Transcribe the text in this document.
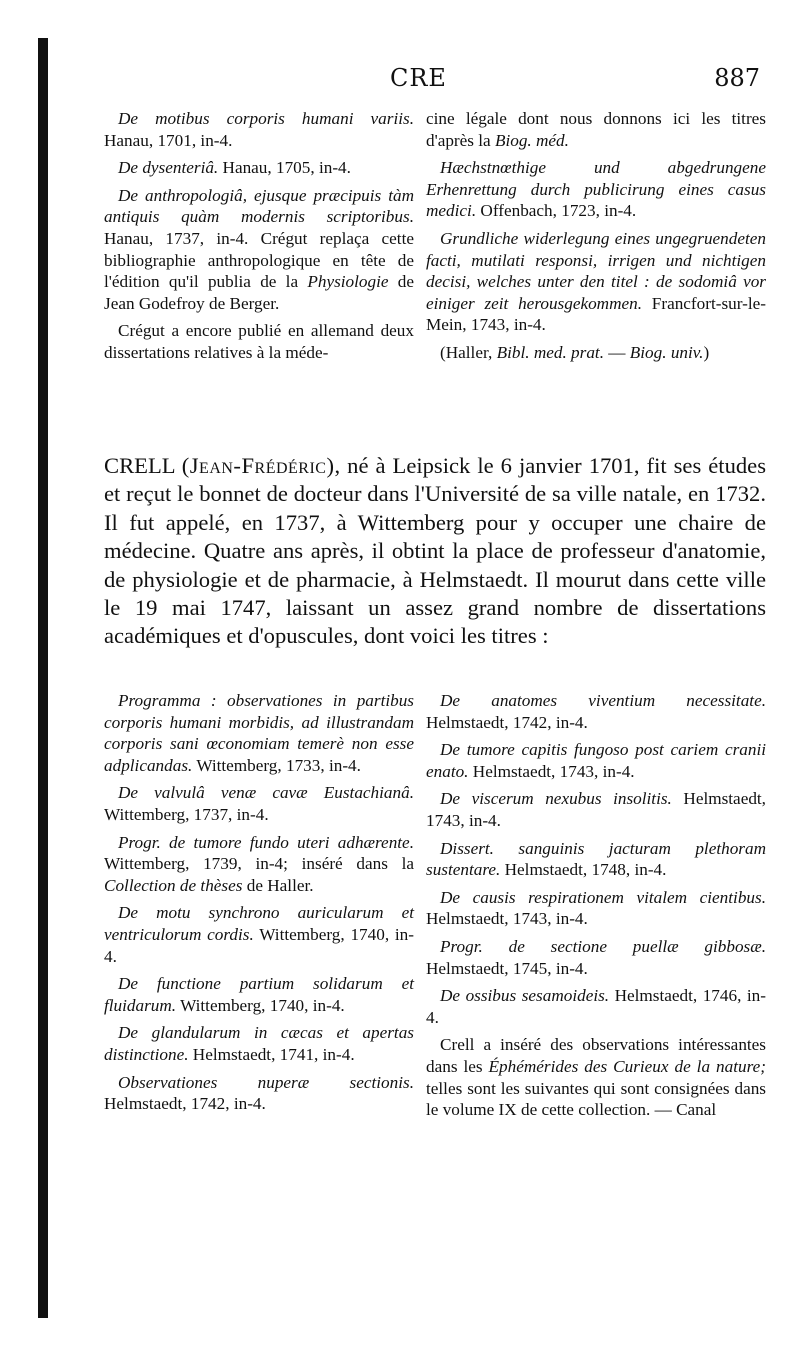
CRE	887

De motibus corporis humani variis. Hanau, 1701, in-4.

De dysenteriâ. Hanau, 1705, in-4.

De anthropologiâ, ejusque præcipuis tàm antiquis quàm modernis scriptoribus. Hanau, 1737, in-4. Crégut replaça cette bibliographie anthropologique en tête de l'édition qu'il publia de la Physiologie de Jean Godefroy de Berger.

Crégut a encore publié en allemand deux dissertations relatives à la méde-

cine légale dont nous donnons ici les titres d'après la Biog. méd.

Hæchstnœthige und abgedrungene Erhenrettung durch publicirung eines casus medici. Offenbach, 1723, in-4.

Grundliche widerlegung eines ungegruendeten facti, mutilati responsi, irrigen und nichtigen decisi, welches unter den titel : de sodomiâ vor einiger zeit herousgekommen. Francfort-sur-le-Mein, 1743, in-4.

(Haller, Bibl. med. prat. — Biog. univ.)

CRELL (Jean-Frédéric), né à Leipsick le 6 janvier 1701, fit ses études et reçut le bonnet de docteur dans l'Université de sa ville natale, en 1732. Il fut appelé, en 1737, à Wittemberg pour y occuper une chaire de médecine. Quatre ans après, il obtint la place de professeur d'anatomie, de physiologie et de pharmacie, à Helmstaedt. Il mourut dans cette ville le 19 mai 1747, laissant un assez grand nombre de dissertations académiques et d'opuscules, dont voici les titres :

Programma : observationes in partibus corporis humani morbidis, ad illustrandam corporis sani œconomiam temerè non esse adplicandas. Wittemberg, 1733, in-4.

De valvulâ venæ cavæ Eustachianâ. Wittemberg, 1737, in-4.

Progr. de tumore fundo uteri adhærente. Wittemberg, 1739, in-4; inséré dans la Collection de thèses de Haller.

De motu synchrono auricularum et ventriculorum cordis. Wittemberg, 1740, in-4.

De functione partium solidarum et fluidarum. Wittemberg, 1740, in-4.

De glandularum in cæcas et apertas distinctione. Helmstaedt, 1741, in-4.

Observationes nuperæ sectionis. Helmstaedt, 1742, in-4.

De anatomes viventium necessitate. Helmstaedt, 1742, in-4.

De tumore capitis fungoso post cariem cranii enato. Helmstaedt, 1743, in-4.

De viscerum nexubus insolitis. Helmstaedt, 1743, in-4.

Dissert. sanguinis jacturam plethoram sustentare. Helmstaedt, 1748, in-4.

De causis respirationem vitalem cientibus. Helmstaedt, 1743, in-4.

Progr. de sectione puellæ gibbosæ. Helmstaedt, 1745, in-4.

De ossibus sesamoideis. Helmstaedt, 1746, in-4.

Crell a inséré des observations intéressantes dans les Éphémérides des Curieux de la nature; telles sont les suivantes qui sont consignées dans le volume IX de cette collection. — Canal
